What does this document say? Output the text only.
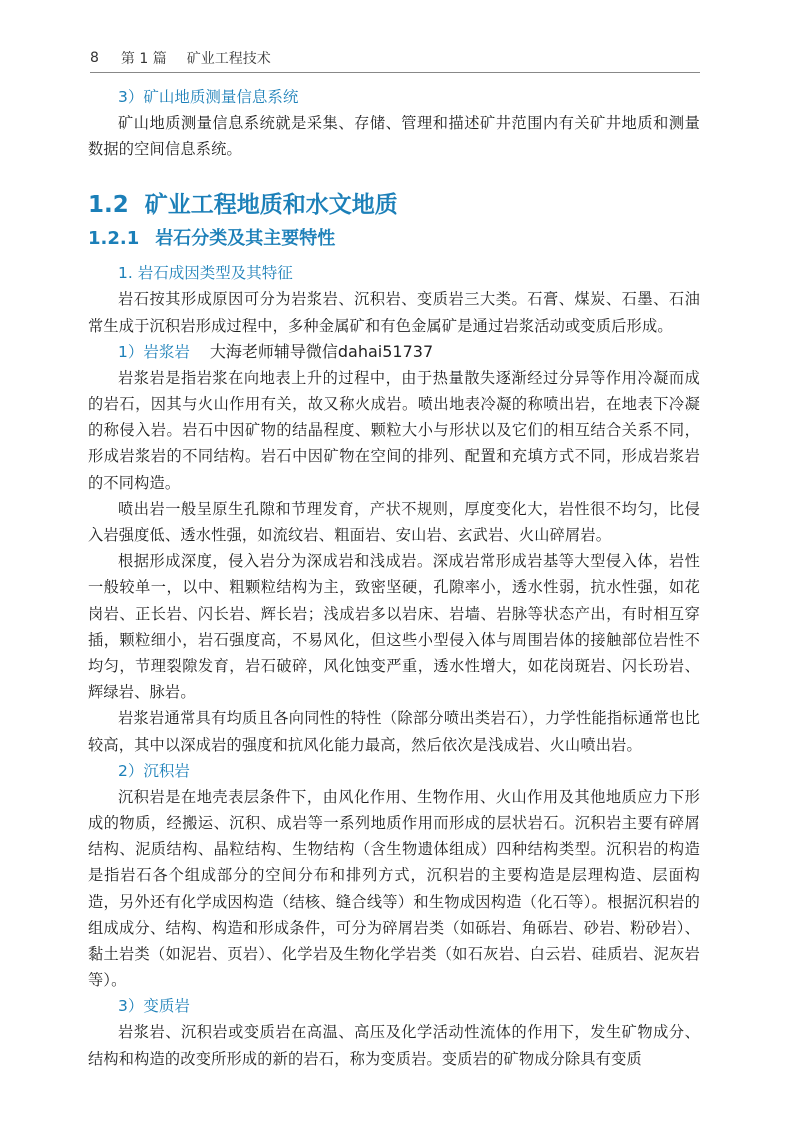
8 第 1 篇 矿业工程技术

3）矿山地质测量信息系统

矿山地质测量信息系统就是采集、存储、管理和描述矿井范围内有关矿井地质和测量数据的空间信息系统。

1.2 矿业工程地质和水文地质
1.2.1 岩石分类及其主要特性

1. 岩石成因类型及其特征

岩石按其形成原因可分为岩浆岩、沉积岩、变质岩三大类。石膏、煤炭、石墨、石油常生成于沉积岩形成过程中，多种金属矿和有色金属矿是通过岩浆活动或变质后形成。

1）岩浆岩 大海老师辅导微信dahai51737

岩浆岩是指岩浆在向地表上升的过程中，由于热量散失逐渐经过分异等作用冷凝而成的岩石，因其与火山作用有关，故又称火成岩。喷出地表冷凝的称喷出岩，在地表下冷凝的称侵入岩。岩石中因矿物的结晶程度、颗粒大小与形状以及它们的相互结合关系不同，形成岩浆岩的不同结构。岩石中因矿物在空间的排列、配置和充填方式不同，形成岩浆岩的不同构造。

喷出岩一般呈原生孔隙和节理发育，产状不规则，厚度变化大，岩性很不均匀，比侵入岩强度低、透水性强，如流纹岩、粗面岩、安山岩、玄武岩、火山碎屑岩。

根据形成深度，侵入岩分为深成岩和浅成岩。深成岩常形成岩基等大型侵入体，岩性一般较单一，以中、粗颗粒结构为主，致密坚硬，孔隙率小，透水性弱，抗水性强，如花岗岩、正长岩、闪长岩、辉长岩；浅成岩多以岩床、岩墙、岩脉等状态产出，有时相互穿插，颗粒细小，岩石强度高，不易风化，但这些小型侵入体与周围岩体的接触部位岩性不均匀，节理裂隙发育，岩石破碎，风化蚀变严重，透水性增大，如花岗斑岩、闪长玢岩、辉绿岩、脉岩。

岩浆岩通常具有均质且各向同性的特性（除部分喷出类岩石），力学性能指标通常也比较高，其中以深成岩的强度和抗风化能力最高，然后依次是浅成岩、火山喷出岩。

2）沉积岩

沉积岩是在地壳表层条件下，由风化作用、生物作用、火山作用及其他地质应力下形成的物质，经搬运、沉积、成岩等一系列地质作用而形成的层状岩石。沉积岩主要有碎屑结构、泥质结构、晶粒结构、生物结构（含生物遗体组成）四种结构类型。沉积岩的构造是指岩石各个组成部分的空间分布和排列方式，沉积岩的主要构造是层理构造、层面构造，另外还有化学成因构造（结核、缝合线等）和生物成因构造（化石等）。根据沉积岩的组成成分、结构、构造和形成条件，可分为碎屑岩类（如砾岩、角砾岩、砂岩、粉砂岩）、黏土岩类（如泥岩、页岩）、化学岩及生物化学岩类（如石灰岩、白云岩、硅质岩、泥灰岩等）。

3）变质岩

岩浆岩、沉积岩或变质岩在高温、高压及化学活动性流体的作用下，发生矿物成分、结构和构造的改变所形成的新的岩石，称为变质岩。变质岩的矿物成分除具有变质
